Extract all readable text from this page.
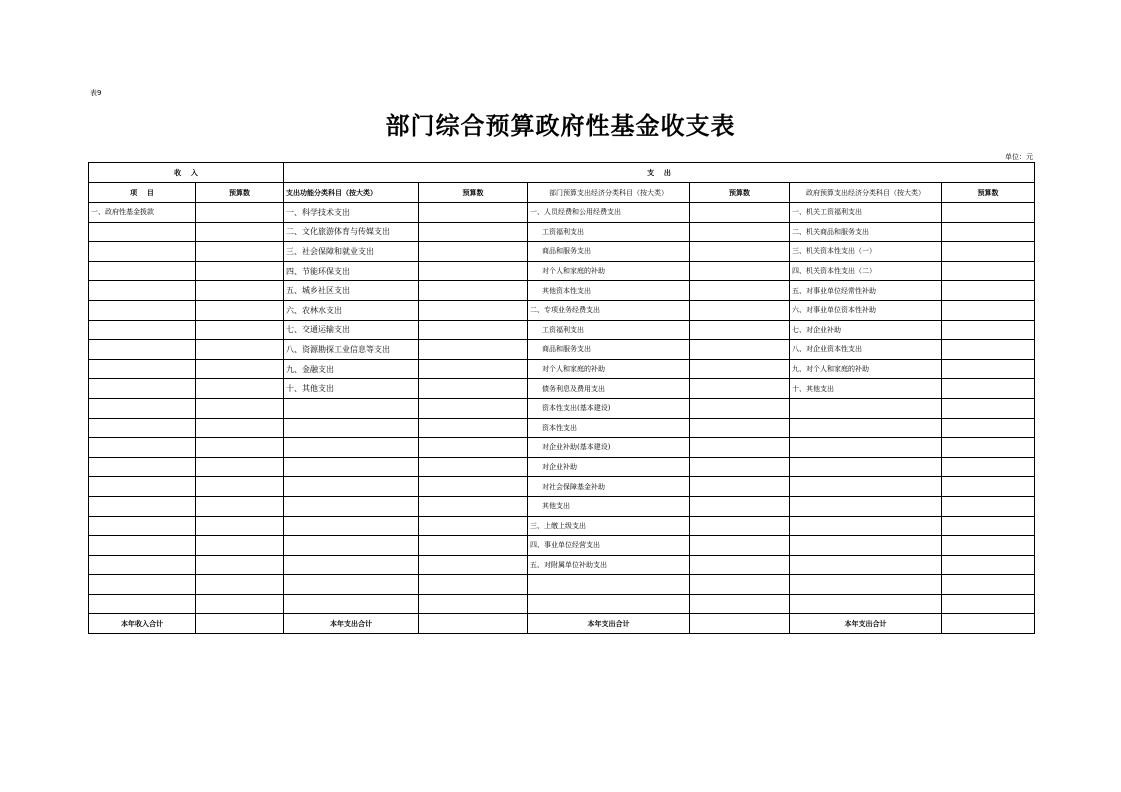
表9
部门综合预算政府性基金收支表
单位：元
收    入		支    出					
项    目	预算数	支出功能分类科目（按大类）	预算数	部门预算支出经济分类科目（按大类）	预算数	政府预算支出经济分类科目（按大类）	预算数
一、政府性基金拨款		一、科学技术支出		一、人员经费和公用经费支出		一、机关工资福利支出	
		二、文化旅游体育与传媒支出		工资福利支出		二、机关商品和服务支出	
		三、社会保障和就业支出		商品和服务支出		三、机关资本性支出（一）	
		四、节能环保支出		对个人和家庭的补助		四、机关资本性支出（二）	
		五、城乡社区支出		其他资本性支出		五、对事业单位经常性补助	
		六、农林水支出		二、专项业务经费支出		六、对事业单位资本性补助	
		七、交通运输支出		工资福利支出		七、对企业补助	
		八、资源勘探工业信息等支出		商品和服务支出		八、对企业资本性支出	
		九、金融支出		对个人和家庭的补助		九、对个人和家庭的补助	
		十、其他支出		债务利息及费用支出		十、其他支出	
				资本性支出(基本建设)			
				资本性支出			
				对企业补助(基本建设)			
				对企业补助			
				对社会保障基金补助			
				其他支出			
				三、上缴上级支出			
				四、事业单位经营支出			
				五、对附属单位补助支出			

本年收入合计		本年支出合计		本年支出合计		本年支出合计	
